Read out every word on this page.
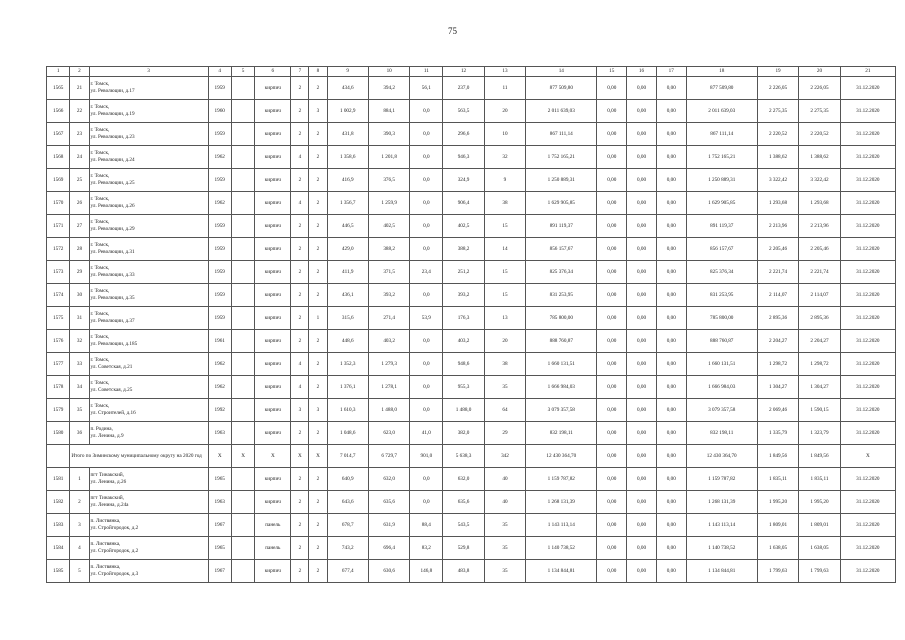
75
1	2	3	4	5	6	7	8	9	10	11	12	13	14	15	16	17	18	19	20	21
1565	21	г. Томск,
ул. Революции, д.17	1959		кирпич	2	2	434,6	394,2	56,1	237,0	11	877 509,80	0,00	0,00	0,00	877 509,80	2 226,05	2 226,05	31.12.2020
1566	22	г. Томск,
ул. Революции, д.19	1960		кирпич	2	3	1 002,9	884,1	0,0	563,5	20	2 011 639,03	0,00	0,00	0,00	2 011 639,03	2 275,35	2 275,35	31.12.2020
1567	23	г. Томск,
ул. Революции, д.23	1959		кирпич	2	2	431,8	390,3	0,0	296,6	10	867 111,14	0,00	0,00	0,00	867 111,14	2 220,52	2 220,52	31.12.2020
1568	24	г. Томск,
ул. Революции, д.24	1962		кирпич	4	2	1 358,6	1 201,8	0,0	946,3	32	1 752 165,21	0,00	0,00	0,00	1 752 165,21	1 388,62	1 388,62	31.12.2020
1569	25	г. Томск,
ул. Революции, д.25	1959		кирпич	2	2	416,9	376,5	0,0	324,9	9	1 250 889,31	0,00	0,00	0,00	1 250 889,31	3 322,42	3 322,42	31.12.2020
1570	26	г. Томск,
ул. Революции, д.26	1962		кирпич	4	2	1 356,7	1 259,9	0,0	906,4	38	1 629 905,85	0,00	0,00	0,00	1 629 905,85	1 293,68	1 293,68	31.12.2020
1571	27	г. Томск,
ул. Революции, д.29	1959		кирпич	2	2	446,5	402,5	0,0	402,5	15	891 119,37	0,00	0,00	0,00	891 119,37	2 213,96	2 213,96	31.12.2020
1572	28	г. Томск,
ул. Революции, д.31	1959		кирпич	2	2	429,0	388,2	0,0	388,2	14	856 157,67	0,00	0,00	0,00	856 157,67	2 205,46	2 205,46	31.12.2020
1573	29	г. Томск,
ул. Революции, д.33	1959		кирпич	2	2	411,9	371,5	23,4	251,2	15	825 376,34	0,00	0,00	0,00	825 376,34	2 221,74	2 221,74	31.12.2020
1574	30	г. Томск,
ул. Революции, д.35	1959		кирпич	2	2	436,1	393,2	0,0	393,2	15	831 253,95	0,00	0,00	0,00	831 253,95	2 114,07	2 114,07	31.12.2020
1575	31	г. Томск,
ул. Революции, д.37	1959		кирпич	2	1	315,6	271,4	53,9	176,3	13	785 800,00	0,00	0,00	0,00	785 800,00	2 895,36	2 895,36	31.12.2020
1576	32	г. Томск,
ул. Революции, д.185	1961		кирпич	2	2	448,6	403,2	0,0	403,2	20	888 760,87	0,00	0,00	0,00	888 760,87	2 204,27	2 204,27	31.12.2020
1577	33	г. Томск,
ул. Советская, д.21	1962		кирпич	4	2	1 352,3	1 279,3	0,0	948,6	38	1 660 131,51	0,00	0,00	0,00	1 660 131,51	1 298,72	1 298,72	31.12.2020
1578	34	г. Томск,
ул. Советская, д.25	1962		кирпич	4	2	1 376,1	1 278,1	0,0	955,3	35	1 666 984,03	0,00	0,00	0,00	1 666 984,03	1 304,27	1 304,27	31.12.2020
1579	35	г. Томск,
ул. Строителей, д.16	1992		кирпич	3	3	1 610,3	1 488,0	0,0	1 488,0	64	3 079 357,58	0,00	0,00	0,00	3 079 357,58	2 069,46	1 590,15	31.12.2020
1580	36	п. Родина,
ул. Ленина, д.9	1963		кирпич	2	2	1 048,6	623,0	41,0	382,0	29	832 198,11	0,00	0,00	0,00	832 198,11	1 335,79	1 323,79	31.12.2020
	Итого по Зиминскому муниципальному округу на 2020 год		X	X	X	X	X	7 014,7	6 729,7	901,0	5 638,3	342	12 430 364,70	0,00	0,00	0,00	12 430 364,70	1 849,56	1 849,56	X
1581	1	пгт Тинакский,
ул. Ленина, д.26	1965		кирпич	2	2	640,9	632,0	0,0	632,0	40	1 159 787,82	0,00	0,00	0,00	1 159 787,82	1 835,11	1 835,11	31.12.2020
1582	2	пгт Тинакский,
ул. Ленина, д.24а	1963		кирпич	2	2	643,6	635,6	0,0	635,6	40	1 268 131,39	0,00	0,00	0,00	1 268 131,39	1 995,20	1 995,20	31.12.2020
1583	3	п. Листвянка,
ул. Стройгородок, д.2	1967		панель	2	2	678,7	631,9	88,4	543,5	35	1 143 113,14	0,00	0,00	0,00	1 143 113,14	1 809,01	1 809,01	31.12.2020
1584	4	п. Листвянка,
ул. Стройгородок, д.2	1965		панель	2	2	743,2	696,4	83,2	529,8	35	1 140 738,52	0,00	0,00	0,00	1 140 738,52	1 638,05	1 638,05	31.12.2020
1585	5	п. Листвянка,
ул. Стройгородок, д.3	1967		кирпич	2	2	677,4	630,6	146,8	483,8	35	1 134 844,81	0,00	0,00	0,00	1 134 844,81	1 799,63	1 799,63	31.12.2020
